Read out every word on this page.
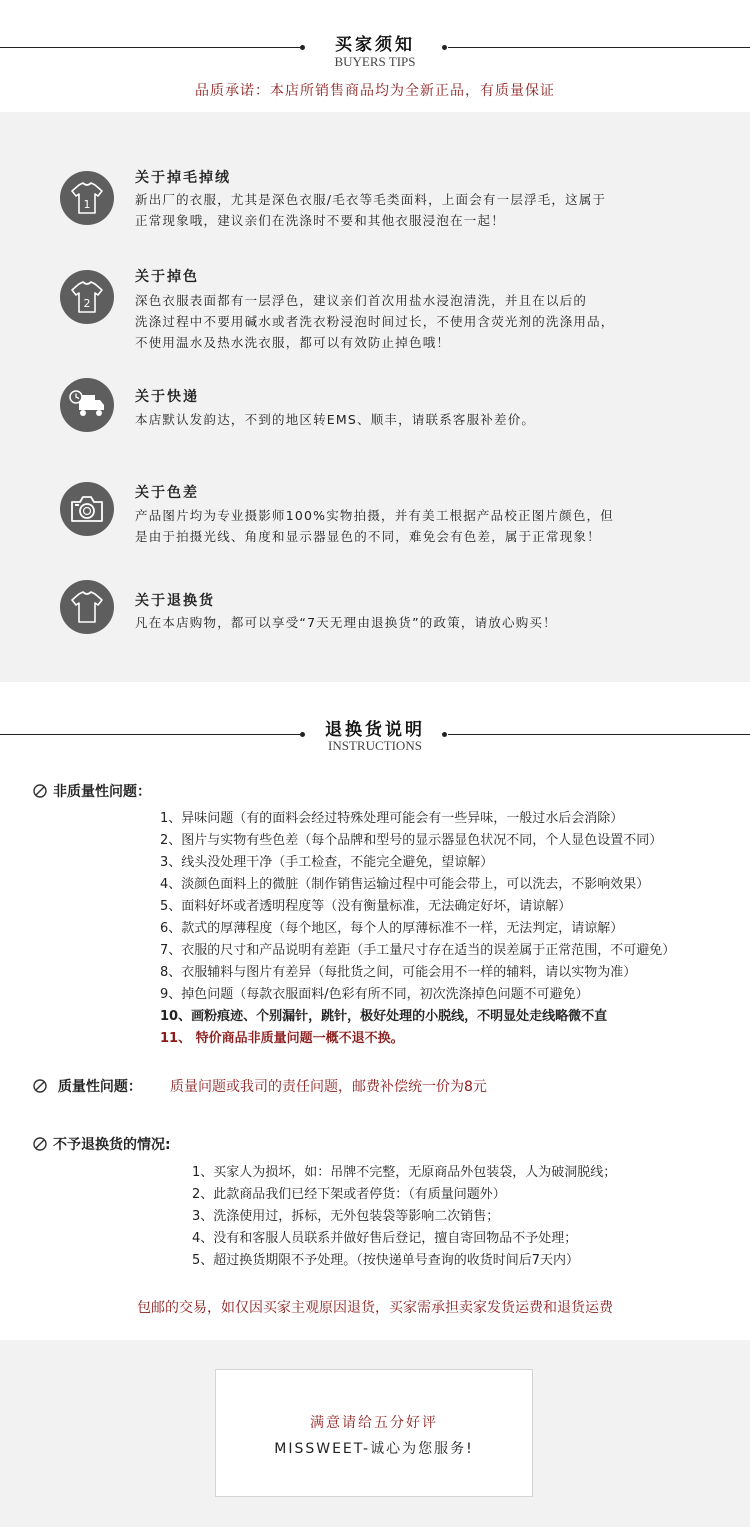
买家须知
BUYERS TIPS
品质承诺：本店所销售商品均为全新正品，有质量保证
1
关于掉毛掉绒
新出厂的衣服，尤其是深色衣服/毛衣等毛类面料，上面会有一层浮毛，这属于
正常现象哦，建议亲们在洗涤时不要和其他衣服浸泡在一起！
2
关于掉色
深色衣服表面都有一层浮色，建议亲们首次用盐水浸泡清洗，并且在以后的
洗涤过程中不要用碱水或者洗衣粉浸泡时间过长，不使用含荧光剂的洗涤用品，
不使用温水及热水洗衣服，都可以有效防止掉色哦！
关于快递
本店默认发韵达，不到的地区转EMS、顺丰，请联系客服补差价。
关于色差
产品图片均为专业摄影师100%实物拍摄，并有美工根据产品校正图片颜色，但
是由于拍摄光线、角度和显示器显色的不同，难免会有色差，属于正常现象！
关于退换货
凡在本店购物，都可以享受“7天无理由退换货”的政策，请放心购买！
退换货说明
INSTRUCTIONS
非质量性问题：
1、异味问题（有的面料会经过特殊处理可能会有一些异味，一般过水后会消除）
2、图片与实物有些色差（每个品牌和型号的显示器显色状况不同，个人显色设置不同）
3、线头没处理干净（手工检查，不能完全避免，望谅解）
4、淡颜色面料上的微脏（制作销售运输过程中可能会带上，可以洗去，不影响效果）
5、面料好坏或者透明程度等（没有衡量标准，无法确定好坏，请谅解）
6、款式的厚薄程度（每个地区，每个人的厚薄标准不一样，无法判定，请谅解）
7、衣服的尺寸和产品说明有差距（手工量尺寸存在适当的误差属于正常范围，不可避免）
8、衣服辅料与图片有差异（每批货之间，可能会用不一样的辅料，请以实物为准）
9、掉色问题（每款衣服面料/色彩有所不同，初次洗涤掉色问题不可避免）
10、画粉痕迹、个别漏针，跳针，极好处理的小脱线，不明显处走线略微不直
11、 特价商品非质量问题一概不退不换。
质量性问题： 质量问题或我司的责任问题，邮费补偿统一价为8元
不予退换货的情况:
1、买家人为损坏，如：吊牌不完整，无原商品外包装袋，人为破洞脱线；
2、此款商品我们已经下架或者停货：（有质量问题外）
3、洗涤使用过，拆标，无外包装袋等影响二次销售；
4、没有和客服人员联系并做好售后登记，擅自寄回物品不予处理；
5、超过换货期限不予处理。（按快递单号查询的收货时间后7天内）
包邮的交易，如仅因买家主观原因退货，买家需承担卖家发货运费和退货运费
满意请给五分好评
MISSWEET-诚心为您服务!
